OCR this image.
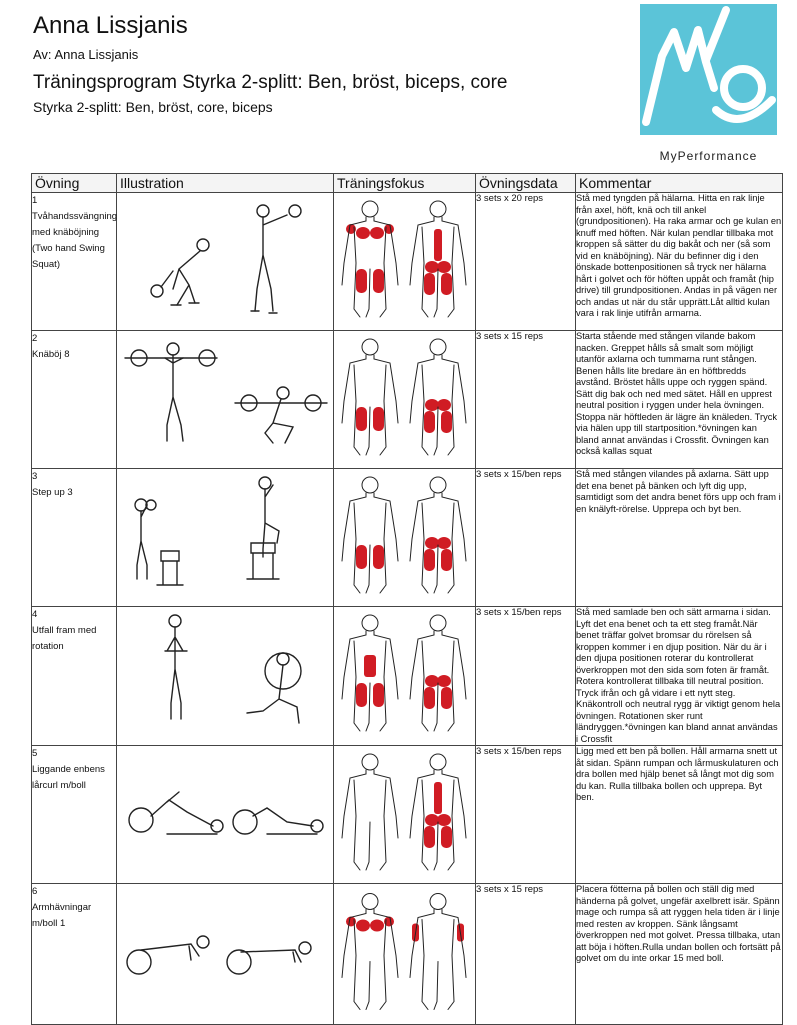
Anna Lissjanis
Av: Anna Lissjanis
Träningsprogram Styrka 2-splitt: Ben, bröst, biceps, core
Styrka 2-splitt: Ben, bröst, core, biceps
MyPerformance
Övning	Illustration	Träningsfokus	Övningsdata	Kommentar

1
Tvåhandssvängning med knäböjning (Two hand Swing Squat)			3 sets x 20 reps	Stå med tyngden på hälarna. Hitta en rak linje från axel, höft, knä och till ankel (grundpositionen). Ha raka armar och ge kulan en knuff med höften. När kulan pendlar tillbaka mot kroppen så sätter du dig bakåt och ner (så som vid en knäböjning). När du befinner dig i den önskade bottenpositionen så tryck ner hälarna hårt i golvet och för höften uppåt och framåt (hip drive) till grundpositionen. Andas in på vägen ner och andas ut när du står upprätt.Låt alltid kulan vara i rak linje utifrån armarna.

2
Knäböj 8			3 sets x 15 reps	Starta stående med stången vilande bakom nacken. Greppet hålls så smalt som möjligt utanför axlarna och tummarna runt stången. Benen hålls lite bredare än en höftbredds avstånd. Bröstet hålls uppe och ryggen spänd. Sätt dig bak och ned med sätet. Håll en upprest neutral position i ryggen under hela övningen. Stoppa när höftleden är lägre än knäleden. Tryck via hälen upp till startposition.*övningen kan bland annat användas i Crossfit. Övningen kan också kallas squat

3
Step up 3			3 sets x 15/ben reps	Stå med stången vilandes på axlarna. Sätt upp det ena benet på bänken och lyft dig upp, samtidigt som det andra benet förs upp och fram i en knälyft-rörelse. Upprepa och byt ben.

4
Utfall fram med rotation			3 sets x 15/ben reps	Stå med samlade ben och sätt armarna i sidan. Lyft det ena benet och ta ett steg framåt.När benet träffar golvet bromsar du rörelsen så kroppen kommer i en djup position. När du är i den djupa positionen roterar du kontrollerat överkroppen mot den sida som foten är framåt. Rotera kontrollerat tillbaka till neutral position. Tryck ifrån och gå vidare i ett nytt steg. Knäkontroll och neutral rygg är viktigt genom hela övningen. Rotationen sker runt ländryggen.*övningen kan bland annat användas i Crossfit

5
Liggande enbens lårcurl m/boll			3 sets x 15/ben reps	Ligg med ett ben på bollen. Håll armarna snett ut åt sidan. Spänn rumpan och lårmuskulaturen och dra bollen med hjälp benet så långt mot dig som du kan. Rulla tillbaka bollen och upprepa. Byt ben.

6
Armhävningar m/boll 1			3 sets x 15 reps	Placera fötterna på bollen och ställ dig med händerna på golvet, ungefär axelbrett isär. Spänn mage och rumpa så att ryggen hela tiden är i linje med resten av kroppen. Sänk långsamt överkroppen ned mot golvet. Pressa tillbaka, utan att böja i höften.Rulla undan bollen och fortsätt på golvet om du inte orkar 15 med boll.
